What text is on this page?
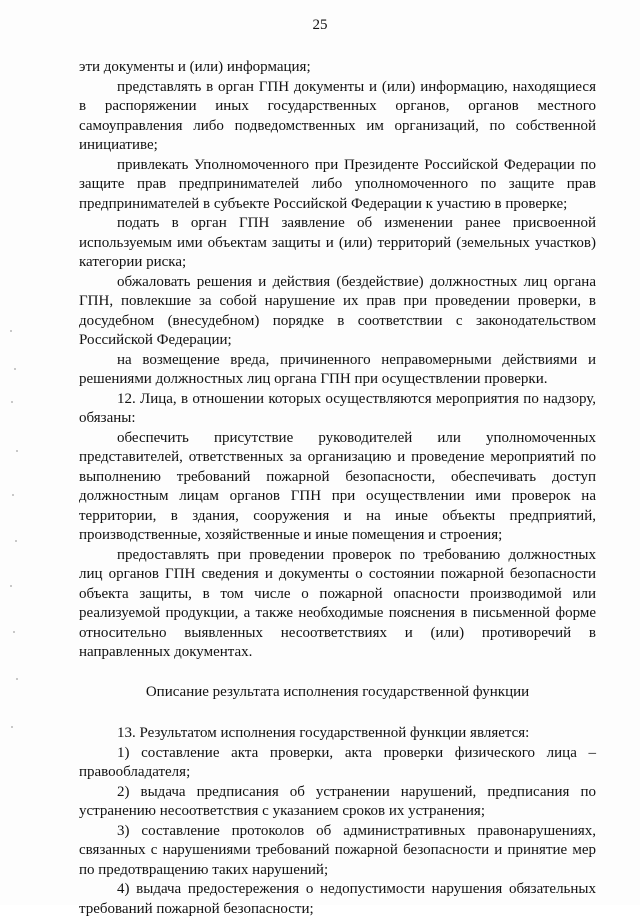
25

эти документы и (или) информация;

представлять в орган ГПН документы и (или) информацию, находящиеся в распоряжении иных государственных органов, органов местного самоуправления либо подведомственных им организаций, по собственной инициативе;

привлекать Уполномоченного при Президенте Российской Федерации по защите прав предпринимателей либо уполномоченного по защите прав предпринимателей в субъекте Российской Федерации к участию в проверке;

подать в орган ГПН заявление об изменении ранее присвоенной используемым ими объектам защиты и (или) территорий (земельных участков) категории риска;

обжаловать решения и действия (бездействие) должностных лиц органа ГПН, повлекшие за собой нарушение их прав при проведении проверки, в досудебном (внесудебном) порядке в соответствии с законодательством Российской Федерации;

на возмещение вреда, причиненного неправомерными действиями и решениями должностных лиц органа ГПН при осуществлении проверки.

12. Лица, в отношении которых осуществляются мероприятия по надзору, обязаны:

обеспечить присутствие руководителей или уполномоченных представителей, ответственных за организацию и проведение мероприятий по выполнению требований пожарной безопасности, обеспечивать доступ должностным лицам органов ГПН при осуществлении ими проверок на территории, в здания, сооружения и на иные объекты предприятий, производственные, хозяйственные и иные помещения и строения;

предоставлять при проведении проверок по требованию должностных лиц органов ГПН сведения и документы о состоянии пожарной безопасности объекта защиты, в том числе о пожарной опасности производимой или реализуемой продукции, а также необходимые пояснения в письменной форме относительно выявленных несоответствиях и (или) противоречий в направленных документах.

Описание результата исполнения государственной функции

13. Результатом исполнения государственной функции является:

1) составление акта проверки, акта проверки физического лица – правообладателя;

2) выдача предписания об устранении нарушений, предписания по устранению несоответствия с указанием сроков их устранения;

3) составление протоколов об административных правонарушениях, связанных с нарушениями требований пожарной безопасности и принятие мер по предотвращению таких нарушений;

4) выдача предостережения о недопустимости нарушения обязательных требований пожарной безопасности;
